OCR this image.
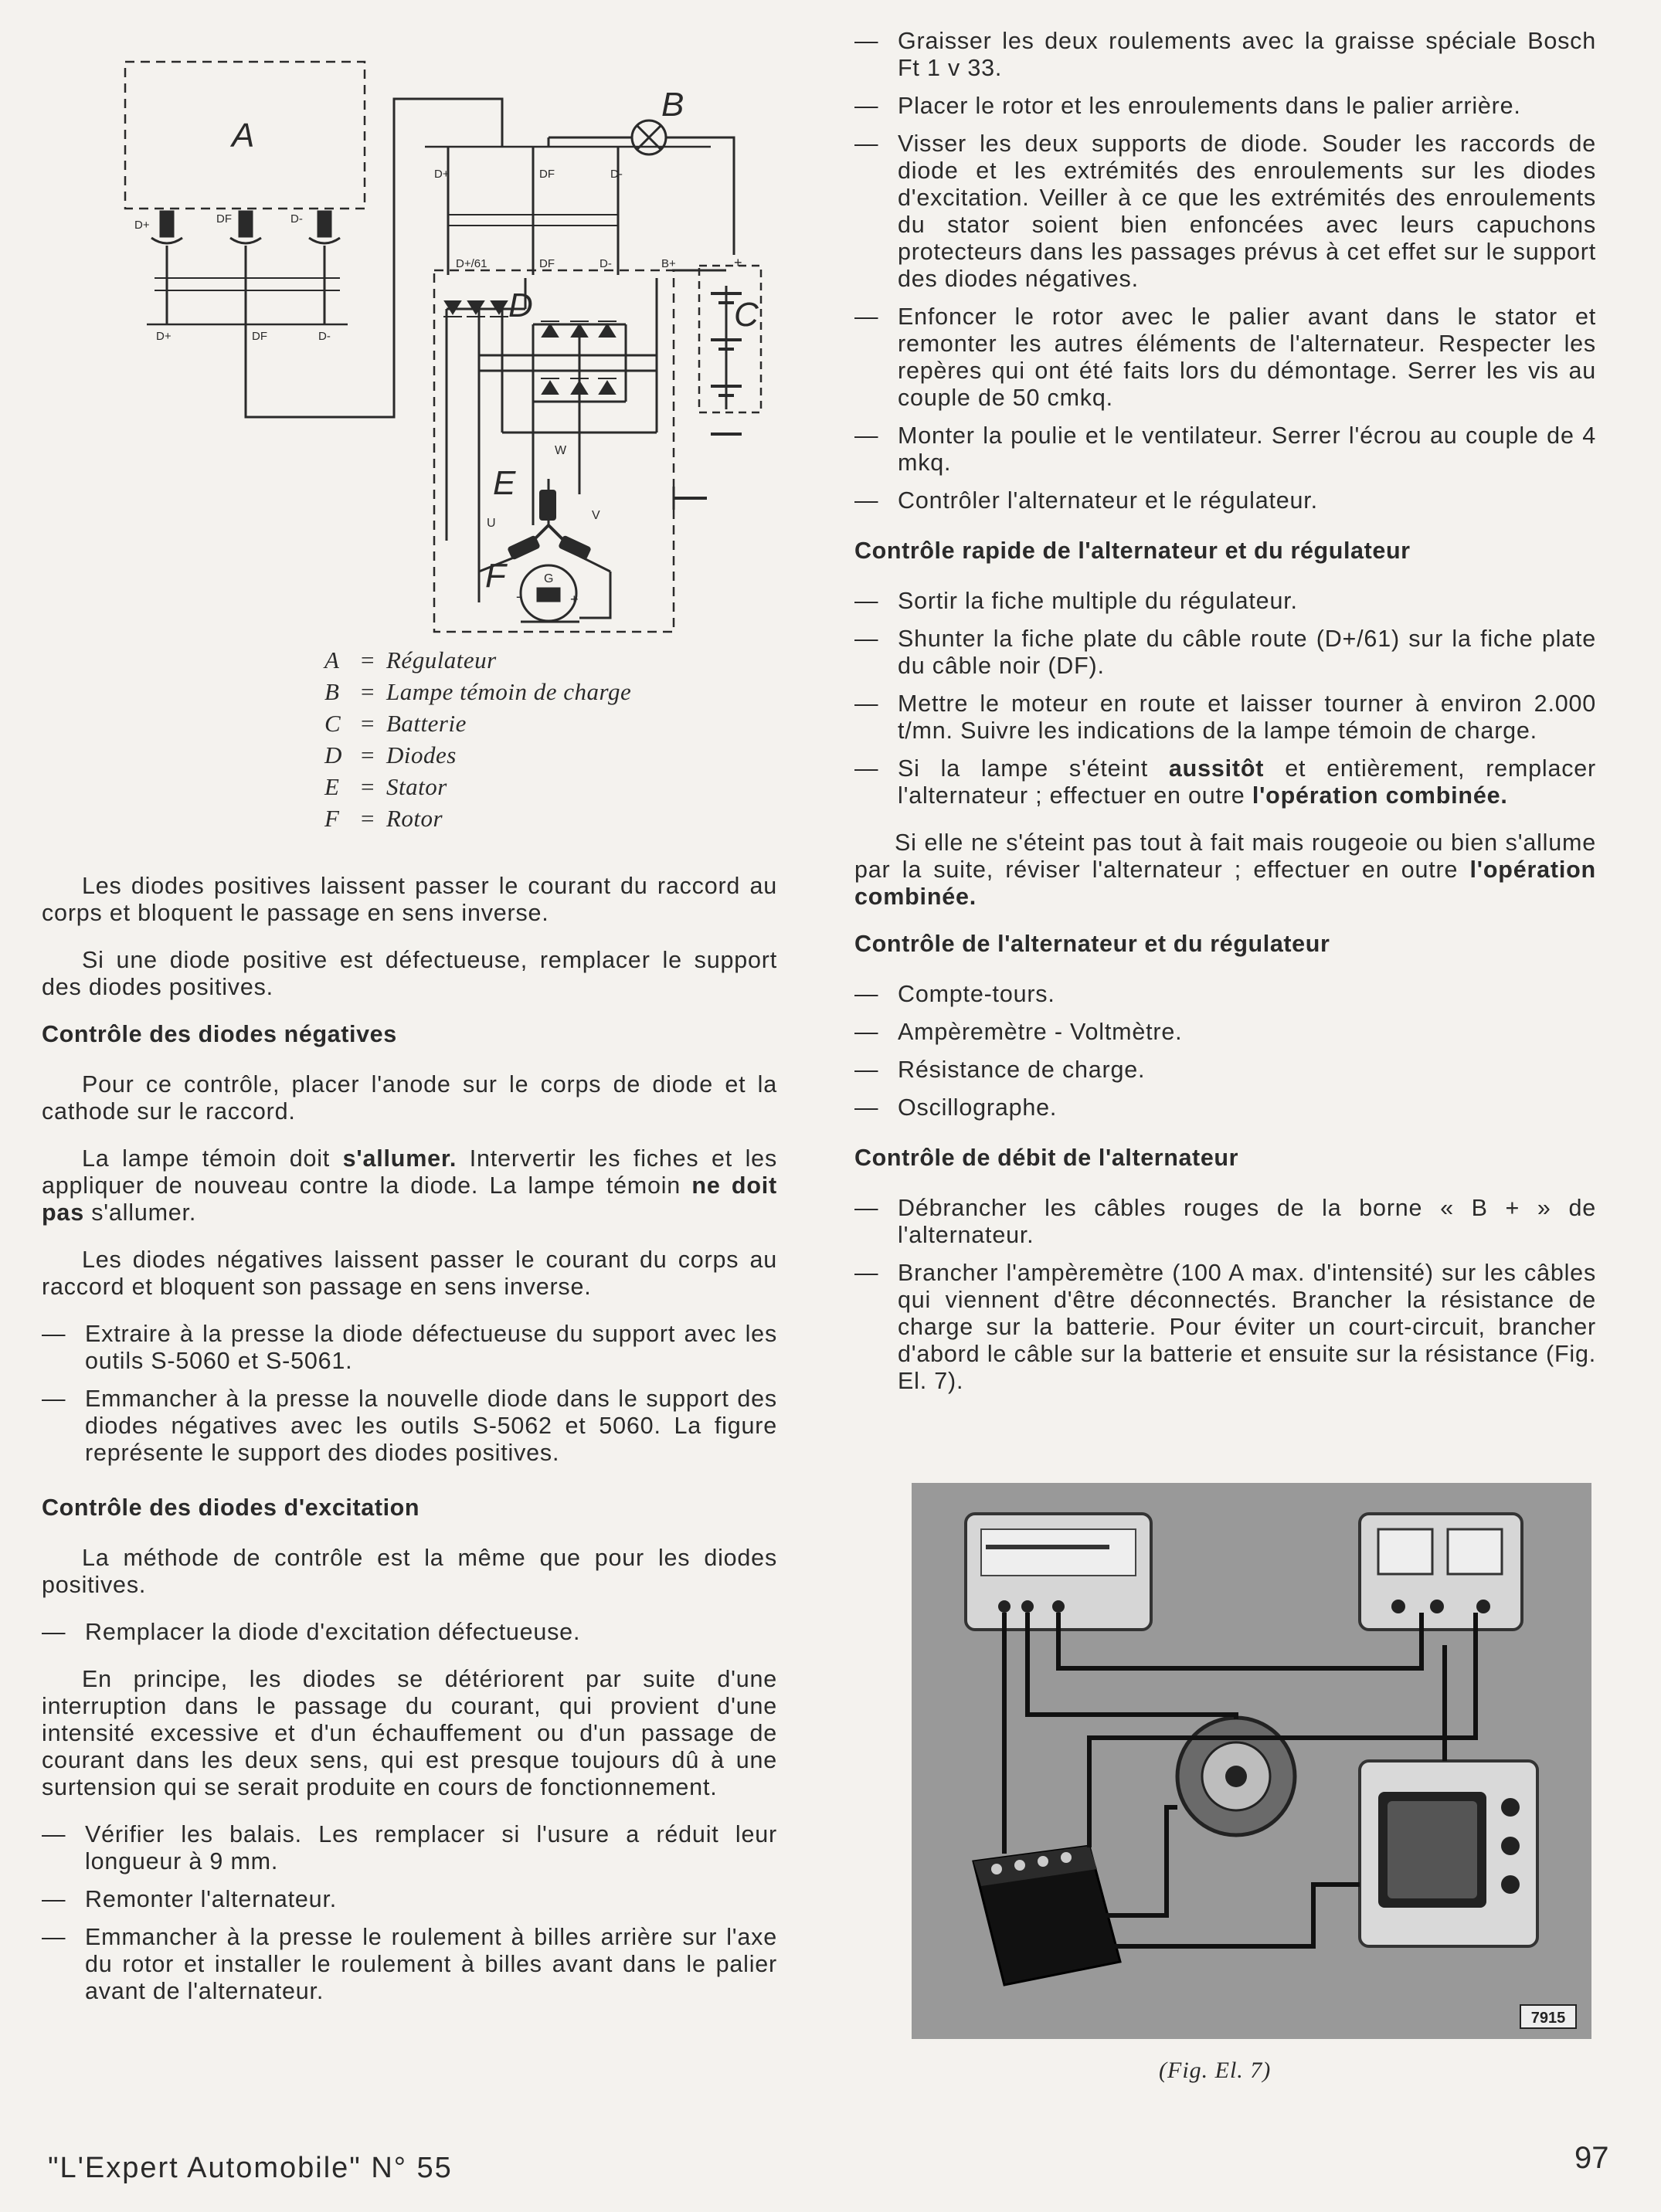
A
B
C
D
E
F
D+	DF	D-
D+	DF	D-
D+	DF	D-
D+/61	DF	D-	B+	+
W
U
V
G
-	+
A = Régulateur
B = Lampe témoin de charge
C = Batterie
D = Diodes
E = Stator
F = Rotor

Les diodes positives laissent passer le courant du raccord au corps et bloquent le passage en sens inverse.

Si une diode positive est défectueuse, remplacer le support des diodes positives.

Contrôle des diodes négatives

Pour ce contrôle, placer l'anode sur le corps de diode et la cathode sur le raccord.

La lampe témoin doit s'allumer. Intervertir les fiches et les appliquer de nouveau contre la diode. La lampe témoin ne doit pas s'allumer.

Les diodes négatives laissent passer le courant du corps au raccord et bloquent son passage en sens inverse.

— Extraire à la presse la diode défectueuse du support avec les outils S-5060 et S-5061.

— Emmancher à la presse la nouvelle diode dans le support des diodes négatives avec les outils S-5062 et 5060. La figure représente le support des diodes positives.

Contrôle des diodes d'excitation

La méthode de contrôle est la même que pour les diodes positives.

— Remplacer la diode d'excitation défectueuse.

En principe, les diodes se détériorent par suite d'une interruption dans le passage du courant, qui provient d'une intensité excessive et d'un échauffement ou d'un passage de courant dans les deux sens, qui est presque toujours dû à une surtension qui se serait produite en cours de fonctionnement.

— Vérifier les balais. Les remplacer si l'usure a réduit leur longueur à 9 mm.

— Remonter l'alternateur.

— Emmancher à la presse le roulement à billes arrière sur l'axe du rotor et installer le roulement à billes avant dans le palier avant de l'alternateur.

— Graisser les deux roulements avec la graisse spéciale Bosch Ft 1 v 33.

— Placer le rotor et les enroulements dans le palier arrière.

— Visser les deux supports de diode. Souder les raccords de diode et les extrémités des enroulements sur les diodes d'excitation. Veiller à ce que les extrémités des enroulements du stator soient bien enfoncées avec leurs capuchons protecteurs dans les passages prévus à cet effet sur le support des diodes négatives.

— Enfoncer le rotor avec le palier avant dans le stator et remonter les autres éléments de l'alternateur. Respecter les repères qui ont été faits lors du démontage. Serrer les vis au couple de 50 cmkq.

— Monter la poulie et le ventilateur. Serrer l'écrou au couple de 4 mkq.

— Contrôler l'alternateur et le régulateur.

Contrôle rapide de l'alternateur et du régulateur

— Sortir la fiche multiple du régulateur.

— Shunter la fiche plate du câble route (D+/61) sur la fiche plate du câble noir (DF).

— Mettre le moteur en route et laisser tourner à environ 2.000 t/mn. Suivre les indications de la lampe témoin de charge.

— Si la lampe s'éteint aussitôt et entièrement, remplacer l'alternateur ; effectuer en outre l'opération combinée.

Si elle ne s'éteint pas tout à fait mais rougeoie ou bien s'allume par la suite, réviser l'alternateur ; effectuer en outre l'opération combinée.

Contrôle de l'alternateur et du régulateur

— Compte-tours.

— Ampèremètre - Voltmètre.

— Résistance de charge.

— Oscillographe.

Contrôle de débit de l'alternateur

— Débrancher les câbles rouges de la borne « B + » de l'alternateur.

— Brancher l'ampèremètre (100 A max. d'intensité) sur les câbles qui viennent d'être déconnectés. Brancher la résistance de charge sur la batterie. Pour éviter un court-circuit, brancher d'abord le câble sur la batterie et ensuite sur la résistance (Fig. El. 7).

7915
(Fig. El. 7)
"L'Expert Automobile" N° 55	97
